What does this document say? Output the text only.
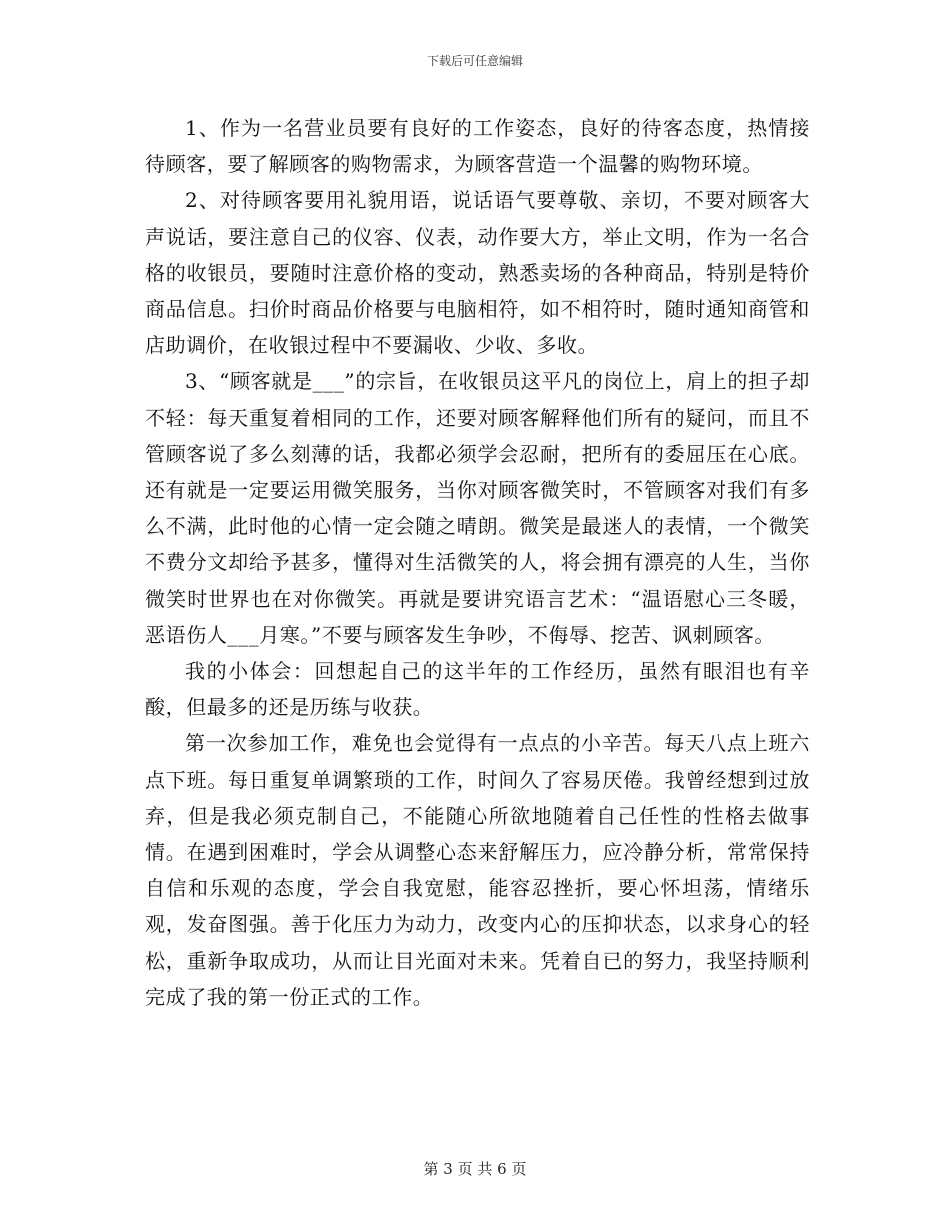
下载后可任意编辑

1、作为一名营业员要有良好的工作姿态，良好的待客态度，热情接待顾客，要了解顾客的购物需求，为顾客营造一个温馨的购物环境。

2、对待顾客要用礼貌用语，说话语气要尊敬、亲切，不要对顾客大声说话，要注意自己的仪容、仪表，动作要大方，举止文明，作为一名合格的收银员，要随时注意价格的变动，熟悉卖场的各种商品，特别是特价商品信息。扫价时商品价格要与电脑相符，如不相符时，随时通知商管和店助调价，在收银过程中不要漏收、少收、多收。

3、“顾客就是___”的宗旨，在收银员这平凡的岗位上，肩上的担子却不轻：每天重复着相同的工作，还要对顾客解释他们所有的疑问，而且不管顾客说了多么刻薄的话，我都必须学会忍耐，把所有的委屈压在心底。还有就是一定要运用微笑服务，当你对顾客微笑时，不管顾客对我们有多么不满，此时他的心情一定会随之晴朗。微笑是最迷人的表情，一个微笑不费分文却给予甚多，懂得对生活微笑的人，将会拥有漂亮的人生，当你微笑时世界也在对你微笑。再就是要讲究语言艺术：“温语慰心三冬暖，恶语伤人___月寒。”不要与顾客发生争吵，不侮辱、挖苦、讽刺顾客。

我的小体会：回想起自己的这半年的工作经历，虽然有眼泪也有辛酸，但最多的还是历练与收获。

第一次参加工作，难免也会觉得有一点点的小辛苦。每天八点上班六点下班。每日重复单调繁琐的工作，时间久了容易厌倦。我曾经想到过放弃，但是我必须克制自己，不能随心所欲地随着自己任性的性格去做事情。在遇到困难时，学会从调整心态来舒解压力，应冷静分析，常常保持自信和乐观的态度，学会自我宽慰，能容忍挫折，要心怀坦荡，情绪乐观，发奋图强。善于化压力为动力，改变内心的压抑状态，以求身心的轻松，重新争取成功，从而让目光面对未来。凭着自已的努力，我坚持顺利完成了我的第一份正式的工作。

第 3 页 共 6 页
